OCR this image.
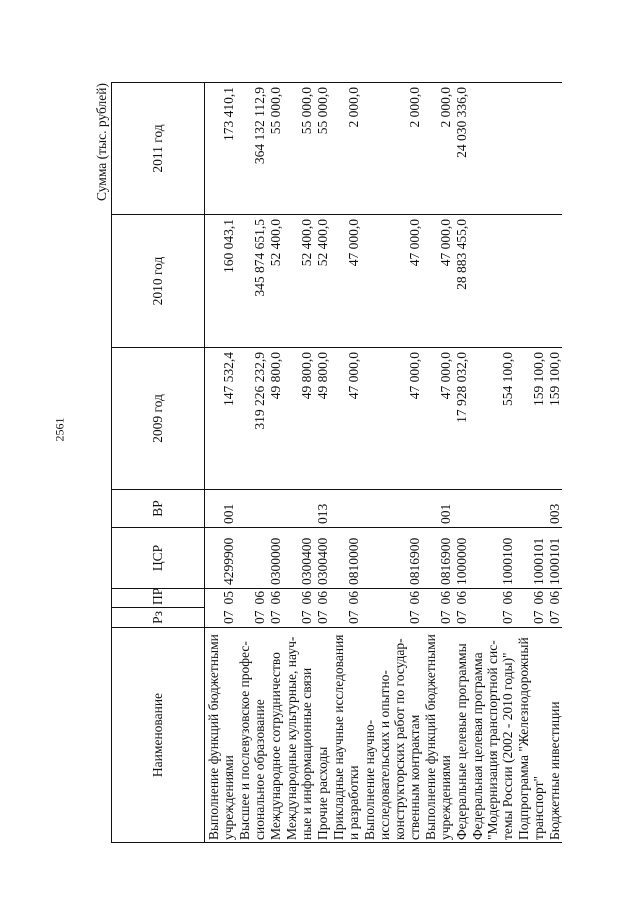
2561
Сумма (тыс. рублей)
Наименование	Рз	ПР	ЦСР	ВР	2009 год	2010 год	2011 год
Выполнение функций бюджетными учреждениями	07	05	4299900	001	147 532,4	160 043,1	173 410,1
Высшее и послевузовское профес-сиональное образование	07	06			319 226 232,9	345 874 651,5	364 132 112,9
Международное сотрудничество	07	06	0300000		49 800,0	52 400,0	55 000,0
Международные культурные, науч-ные и информационные связи	07	06	0300400		49 800,0	52 400,0	55 000,0
Прочие расходы	07	06	0300400	013	49 800,0	52 400,0	55 000,0
Прикладные научные исследования и разработки	07	06	0810000		47 000,0	47 000,0	2 000,0
Выполнение научно-исследовательских и опытно-конструкторских работ по государ-ственным контрактам	07	06	0816900		47 000,0	47 000,0	2 000,0
Выполнение функций бюджетными учреждениями	07	06	0816900	001	47 000,0	47 000,0	2 000,0
Федеральные целевые программы	07	06	1000000		17 928 032,0	28 883 455,0	24 030 336,0
Федеральная целевая программа "Модернизация транспортной сис-темы России (2002 - 2010 годы)"	07	06	1000100		554 100,0		
Подпрограмма "Железнодорожный транспорт"	07	06	1000101		159 100,0		
Бюджетные инвестиции	07	06	1000101	003	159 100,0		
